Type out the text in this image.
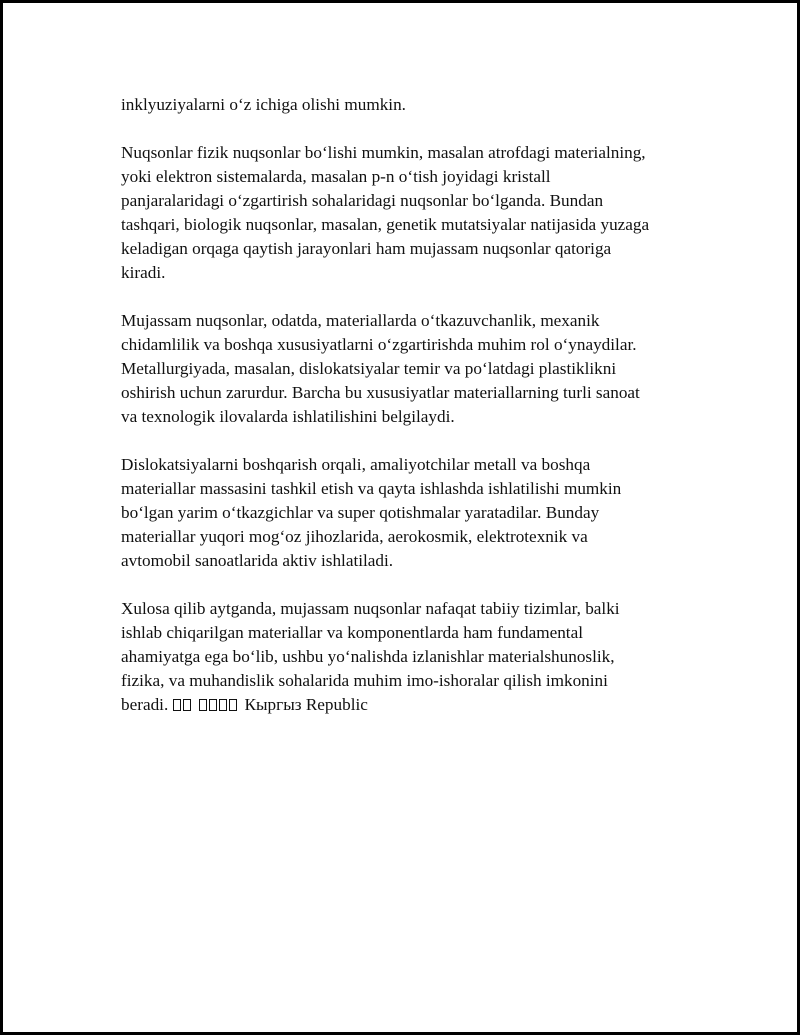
inklyuziyalarni oʻz ichiga olishi mumkin.

Nuqsonlar fizik nuqsonlar boʻlishi mumkin, masalan atrofdagi materialning,
yoki elektron sistemalarda, masalan p-n oʻtish joyidagi kristall
panjaralaridagi oʻzgartirish sohalaridagi nuqsonlar boʻlganda. Bundan
tashqari, biologik nuqsonlar, masalan, genetik mutatsiyalar natijasida yuzaga
keladigan orqaga qaytish jarayonlari ham mujassam nuqsonlar qatoriga
kiradi.

Mujassam nuqsonlar, odatda, materiallarda oʻtkazuvchanlik, mexanik
chidamlilik va boshqa xususiyatlarni oʻzgartirishda muhim rol oʻynaydilar.
Metallurgiyada, masalan, dislokatsiyalar temir va poʻlatdagi plastiklikni
oshirish uchun zarurdur. Barcha bu xususiyatlar materiallarning turli sanoat
va texnologik ilovalarda ishlatilishini belgilaydi.

Dislokatsiyalarni boshqarish orqali, amaliyotchilar metall va boshqa
materiallar massasini tashkil etish va qayta ishlashda ishlatilishi mumkin
boʻlgan yarim oʻtkazgichlar va super qotishmalar yaratadilar. Bunday
materiallar yuqori mogʻoz jihozlarida, aerokosmik, elektrotexnik va
avtomobil sanoatlarida aktiv ishlatiladi.

Xulosa qilib aytganda, mujassam nuqsonlar nafaqat tabiiy tizimlar, balki
ishlab chiqarilgan materiallar va komponentlarda ham fundamental
ahamiyatga ega boʻlib, ushbu yoʻnalishda izlanishlar materialshunoslik,
fizika, va muhandislik sohalarida muhim imo-ishoralar qilish imkonini
beradi.	Кыргыз Republic
